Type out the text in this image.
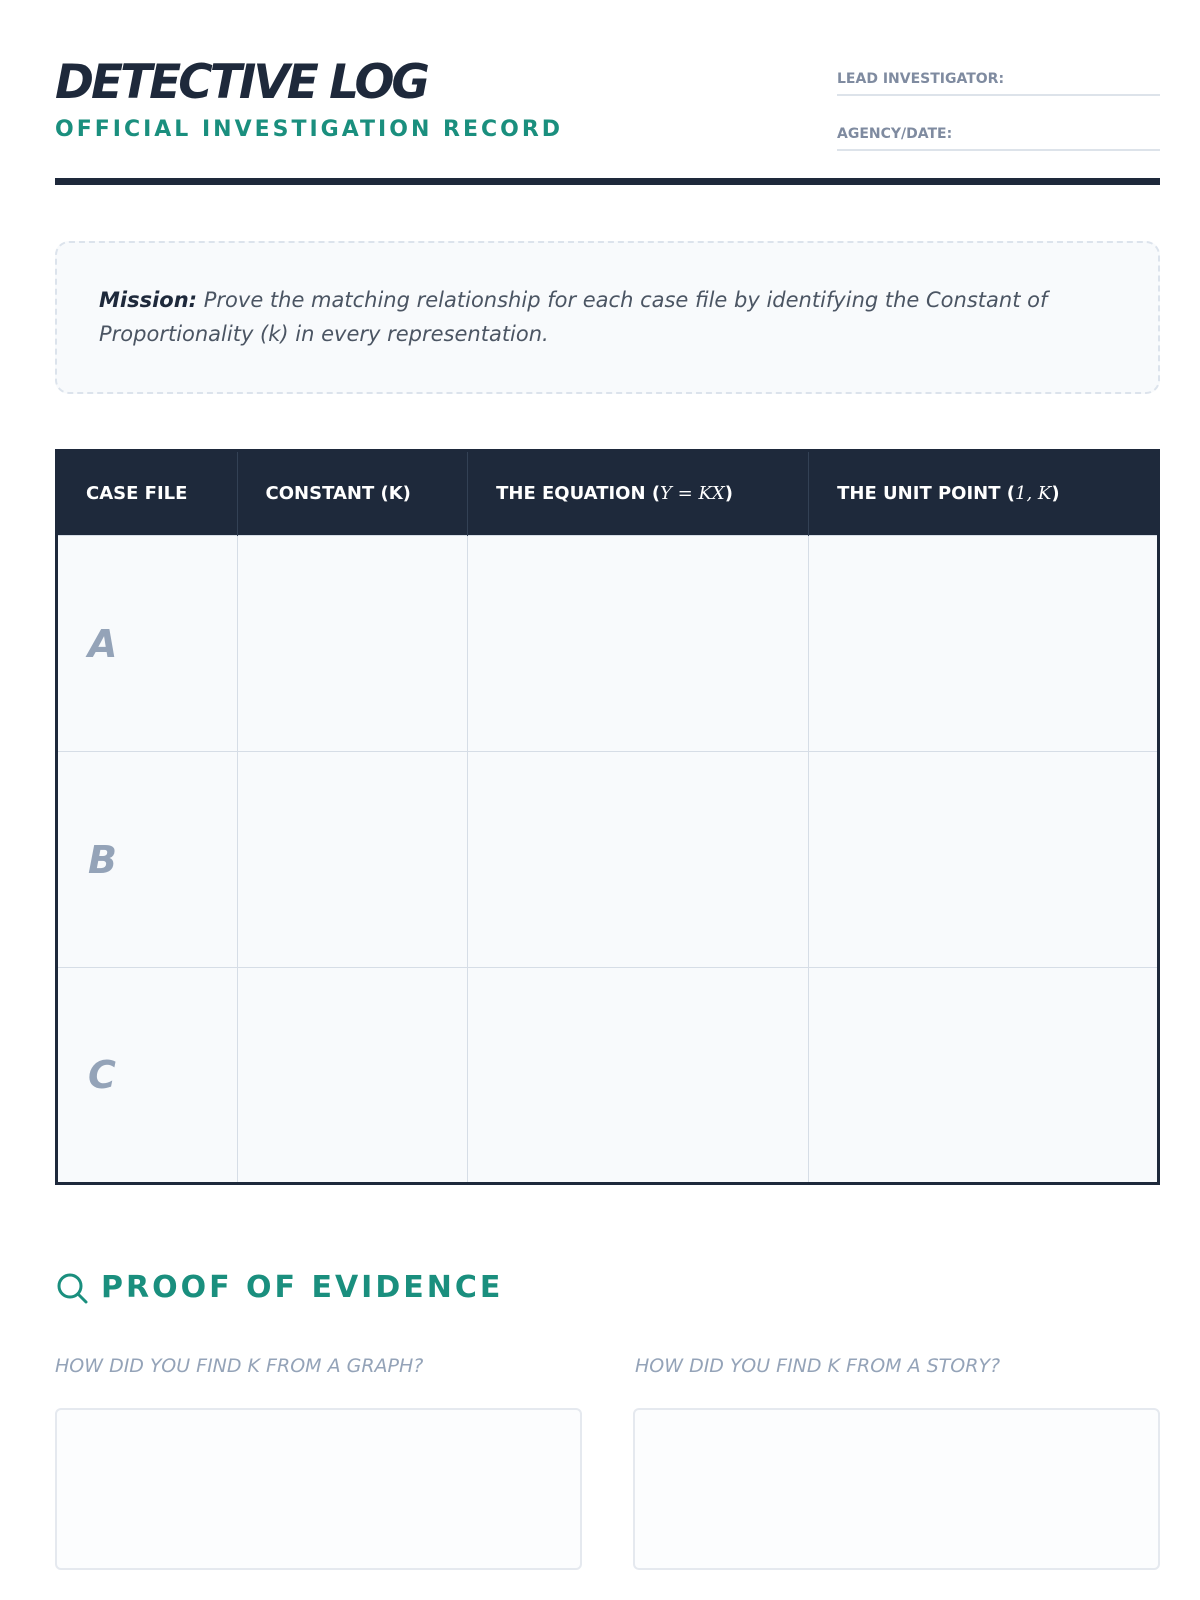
DETECTIVE LOG
OFFICIAL INVESTIGATION RECORD
LEAD INVESTIGATOR:
AGENCY/DATE:
Mission: Prove the matching relationship for each case file by identifying the Constant of Proportionality (k) in every representation.
CASE FILE	CONSTANT (K)	THE EQUATION (Y = KX)	THE UNIT POINT (1, K)
A			
B			
C			
PROOF OF EVIDENCE
HOW DID YOU FIND K FROM A GRAPH?	HOW DID YOU FIND K FROM A STORY?
